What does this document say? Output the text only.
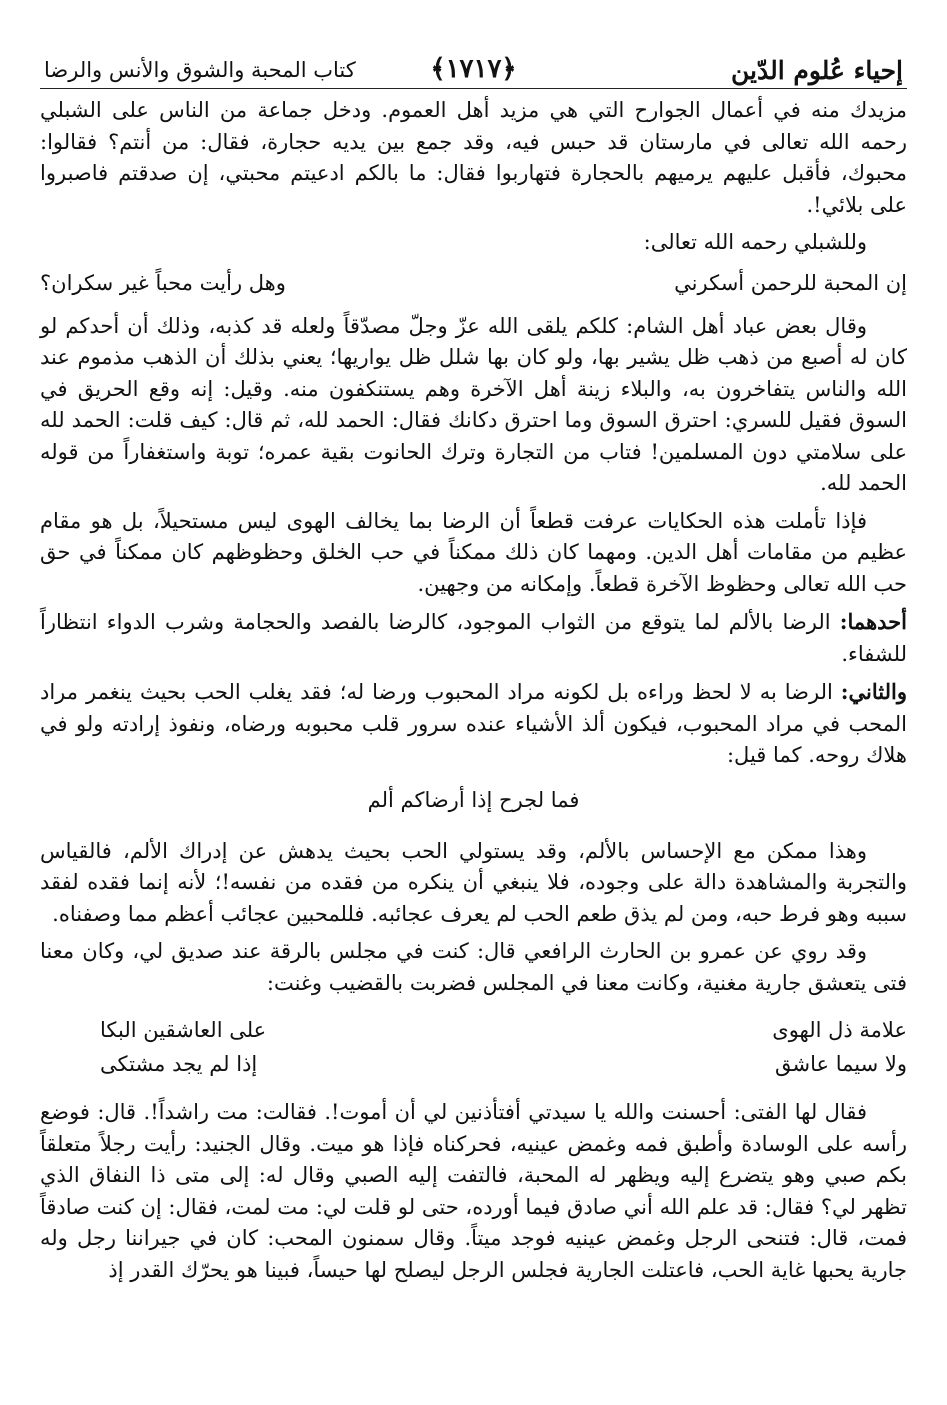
إحياء عُلوم الدّين
﴿١٧١٧﴾
كتاب المحبة والشوق والأنس والرضا

مزيدك منه في أعمال الجوارح التي هي مزيد أهل العموم. ودخل جماعة من الناس على الشبلي رحمه الله تعالى في مارستان قد حبس فيه، وقد جمع بين يديه حجارة، فقال: من أنتم؟ فقالوا: محبوك، فأقبل عليهم يرميهم بالحجارة فتهاربوا فقال: ما بالكم ادعيتم محبتي، إن صدقتم فاصبروا على بلائي!.

وللشبلي رحمه الله تعالى:

إن المحبة للرحمن أسكرني
وهل رأيت محباً غير سكران؟

وقال بعض عباد أهل الشام: كلكم يلقى الله عزّ وجلّ مصدّقاً ولعله قد كذبه، وذلك أن أحدكم لو كان له أصبع من ذهب ظل يشير بها، ولو كان بها شلل ظل يواريها؛ يعني بذلك أن الذهب مذموم عند الله والناس يتفاخرون به، والبلاء زينة أهل الآخرة وهم يستنكفون منه. وقيل: إنه وقع الحريق في السوق فقيل للسري: احترق السوق وما احترق دكانك فقال: الحمد لله، ثم قال: كيف قلت: الحمد لله على سلامتي دون المسلمين! فتاب من التجارة وترك الحانوت بقية عمره؛ توبة واستغفاراً من قوله الحمد لله.

فإذا تأملت هذه الحكايات عرفت قطعاً أن الرضا بما يخالف الهوى ليس مستحيلاً، بل هو مقام عظيم من مقامات أهل الدين. ومهما كان ذلك ممكناً في حب الخلق وحظوظهم كان ممكناً في حق حب الله تعالى وحظوظ الآخرة قطعاً. وإمكانه من وجهين.

أحدهما: الرضا بالألم لما يتوقع من الثواب الموجود، كالرضا بالفصد والحجامة وشرب الدواء انتظاراً للشفاء.

والثاني: الرضا به لا لحظ وراءه بل لكونه مراد المحبوب ورضا له؛ فقد يغلب الحب بحيث ينغمر مراد المحب في مراد المحبوب، فيكون ألذ الأشياء عنده سرور قلب محبوبه ورضاه، ونفوذ إرادته ولو في هلاك روحه. كما قيل:

فما لجرح إذا أرضاكم ألم

وهذا ممكن مع الإحساس بالألم، وقد يستولي الحب بحيث يدهش عن إدراك الألم، فالقياس والتجربة والمشاهدة دالة على وجوده، فلا ينبغي أن ينكره من فقده من نفسه!؛ لأنه إنما فقده لفقد سببه وهو فرط حبه، ومن لم يذق طعم الحب لم يعرف عجائبه. فللمحبين عجائب أعظم مما وصفناه.

وقد روي عن عمرو بن الحارث الرافعي قال: كنت في مجلس بالرقة عند صديق لي، وكان معنا فتى يتعشق جارية مغنية، وكانت معنا في المجلس فضربت بالقضيب وغنت:

علامة ذل الهوى
على العاشقين البكا
ولا سيما عاشق
إذا لم يجد مشتكى

فقال لها الفتى: أحسنت والله يا سيدتي أفتأذنين لي أن أموت!. فقالت: مت راشداً!. قال: فوضع رأسه على الوسادة وأطبق فمه وغمض عينيه، فحركناه فإذا هو ميت. وقال الجنيد: رأيت رجلاً متعلقاً بكم صبي وهو يتضرع إليه ويظهر له المحبة، فالتفت إليه الصبي وقال له: إلى متى ذا النفاق الذي تظهر لي؟ فقال: قد علم الله أني صادق فيما أورده، حتى لو قلت لي: مت لمت، فقال: إن كنت صادقاً فمت، قال: فتنحى الرجل وغمض عينيه فوجد ميتاً. وقال سمنون المحب: كان في جيراننا رجل وله جارية يحبها غاية الحب، فاعتلت الجارية فجلس الرجل ليصلح لها حيساً، فبينا هو يحرّك القدر إذ
